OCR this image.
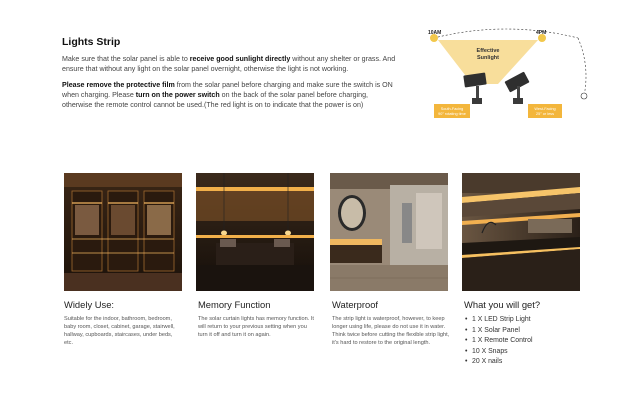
Lights Strip

Make sure that the solar panel is able to receive good sunlight directly without any shelter or grass. And ensure that without any light on the solar panel overnight, otherwise the light is not working.

Please remove the protective film from the solar panel before charging and make sure the switch is ON when charging. Please turn on the power switch on the back of the solar panel before charging, otherwise the remote control cannot be used.(The red light is on to indicate that the power is on)

10AM	4PM
Effective
Sunlight
South-Facing
90° rotating time
West-Facing
25° or less
Widely Use:
Suitable for the indoor, bathroom, bedroom, baby room, closet, cabinet, garage, stairwell, hallway, cupboards, staircases, under beds, etc.
Memory Function
The solar curtain lights has memory function. It will return to your previous setting when you turn it off and turn it on again.
Waterproof
The strip light is waterproof, however, to keep longer using life, please do not use it in water. Think twice before cutting the flexible strip light, it's hard to restore to the original length.
What you will get?
• 1 X LED Strip Light
• 1 X Solar Panel
• 1 X Remote Control
• 10 X Snaps
• 20 X nails
